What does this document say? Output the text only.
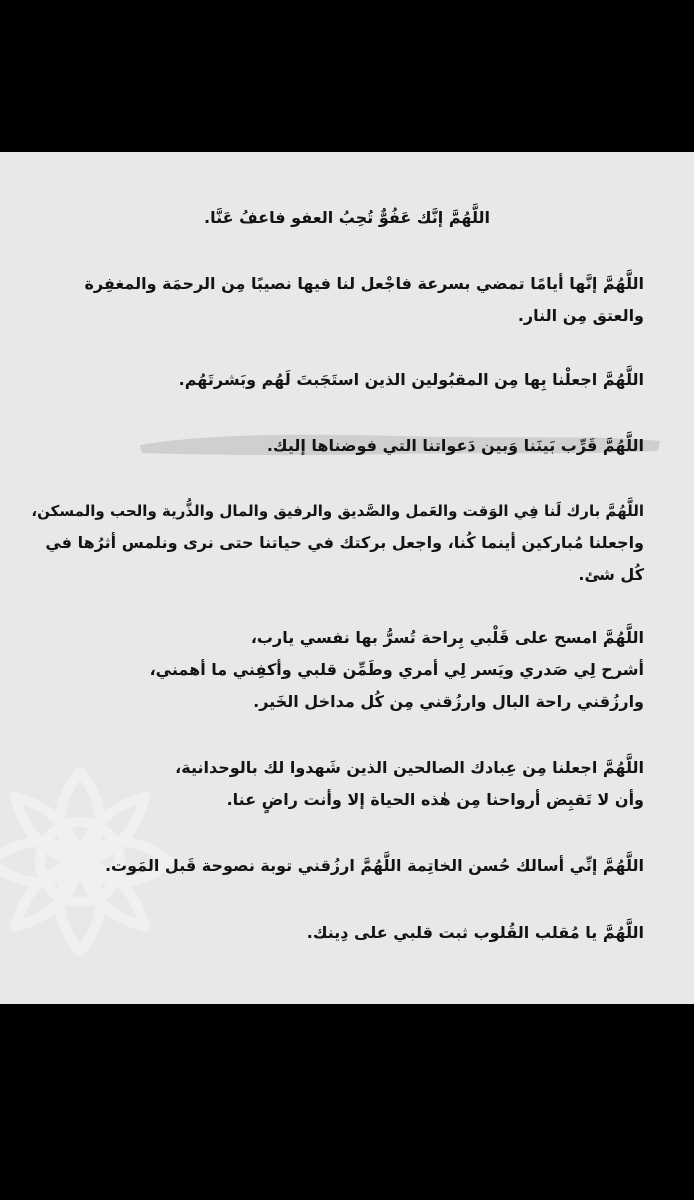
اللَّهُمَّ إنَّك عَفُوٌّ تُحِبُ العفو فاعفُ عَنَّا.

اللَّهُمَّ إنَّها أيامًا تمضي بسرعة فاجْعل لنا فيها نصيبًا مِن الرحمَة والمغفِرة
والعتق مِن النار.

اللَّهُمَّ اجعلْنا بِها مِن المقبُولين الذين استَجَبتَ لَهُم وبَشرتَهُم.

اللَّهُمَّ قَرِّب بَينَنا وَبين دَعواتنا التي فوضناها إليك.

اللَّهُمَّ بارك لَنا فِي الوَقت والعَمل والصَّديق والرفيق والمال والذُّرية والحب والمسكن،
واجعلنا مُباركين أينما كُنا، واجعل بركتك في حياتنا حتى نرى ونلمس أثرُها في
كُل شئ.

اللَّهُمَّ امسح على قَلْبي بِراحة تُسرُّ بها نفسي يارب،
أشرح لِي صَدري ويَسر لِي أمري وطَمِّن قلبي وأكفِني ما أهمني،
وارزُقني راحة البال وارزُقني مِن كُل مداخل الخَير.

اللَّهُمَّ اجعلنا مِن عِبادك الصالحين الذين شَهدوا لك بالوحدانية،
وأن لا تَقبِض أرواحنا مِن هٰذه الحياة إلا وأنت راضٍ عنا.

اللَّهُمَّ إنِّي أسالك حُسن الخاتِمة اللَّهُمَّ ارزُقني توبة نصوحة قَبل المَوت.

اللَّهُمَّ يا مُقلب القُلوب ثبت قلبي على دِينك.
